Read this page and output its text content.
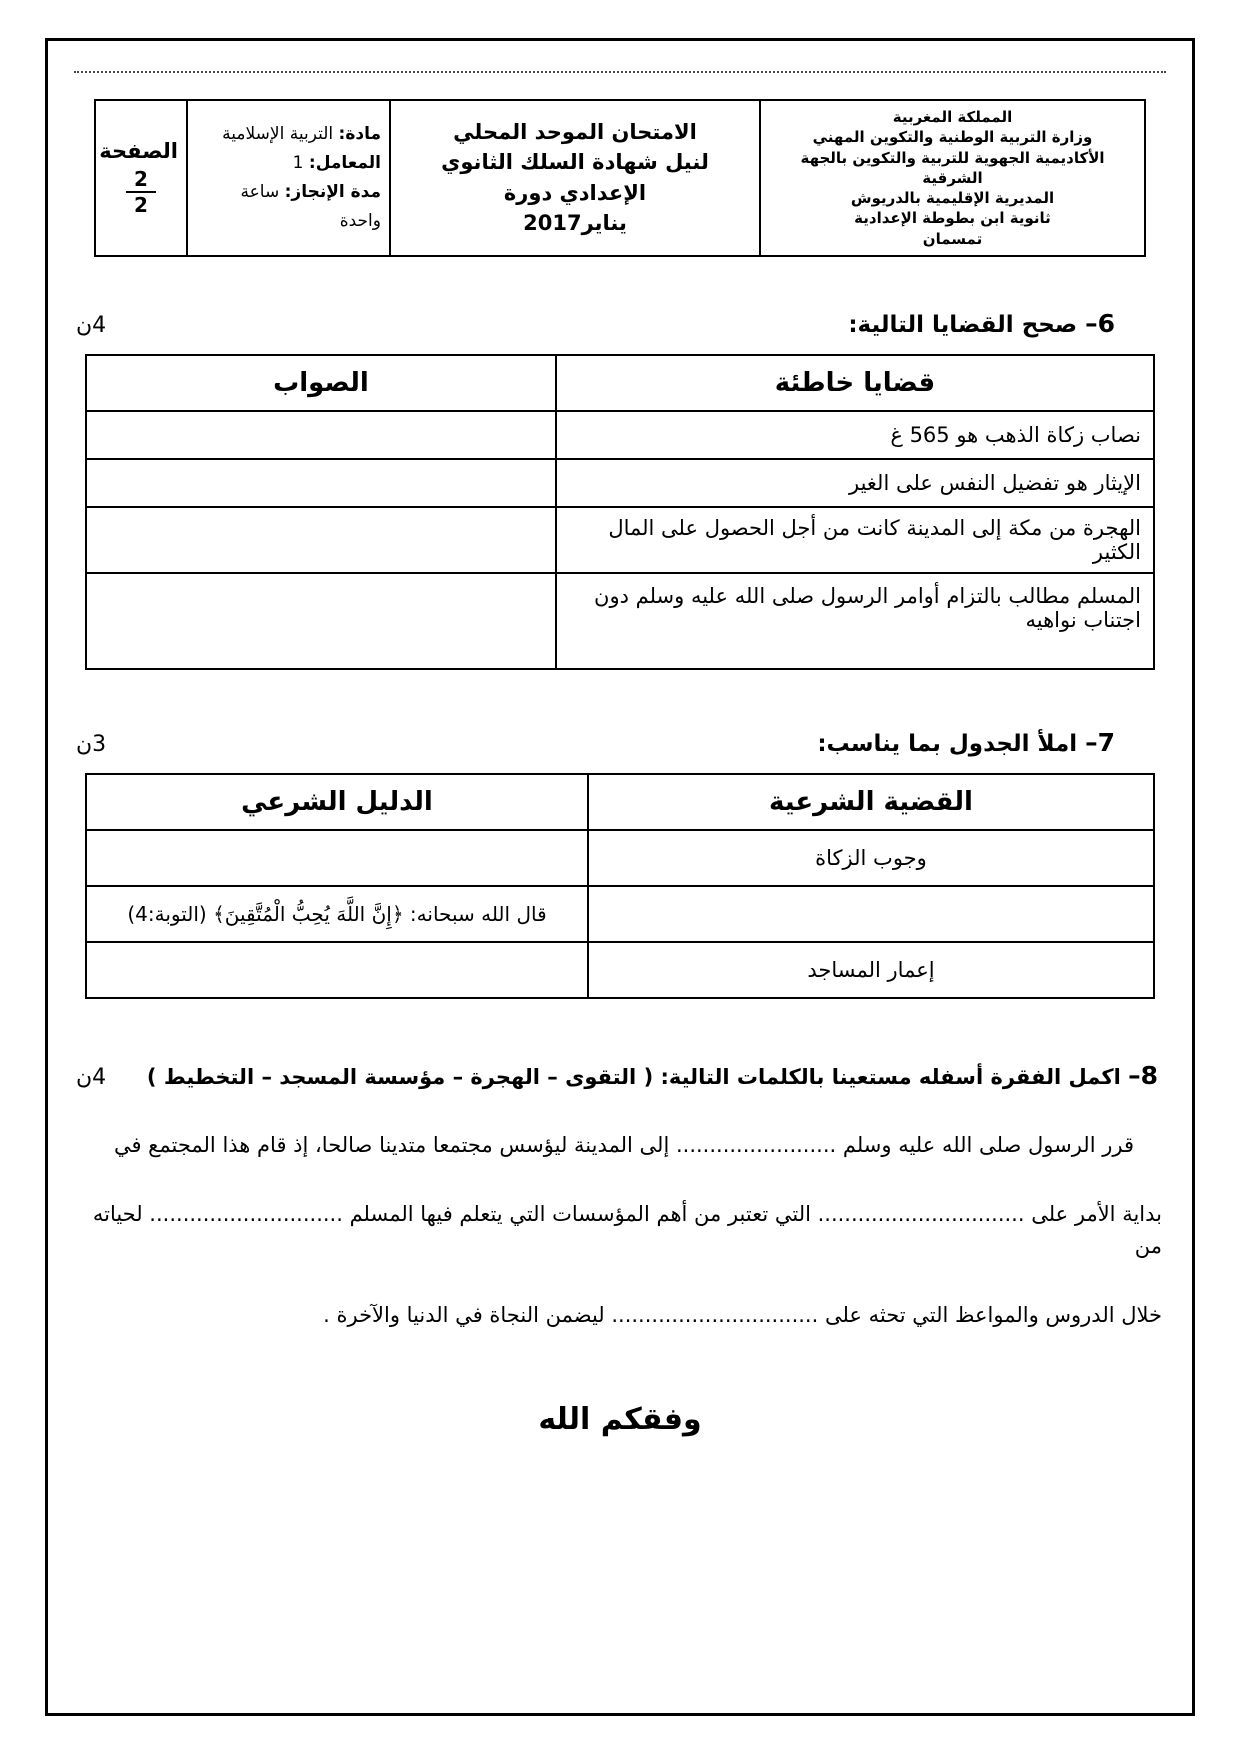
المملكة المغربية
وزارة التربية الوطنية والتكوين المهني
الأكاديمية الجهوية للتربية والتكوين بالجهة الشرقية
المديرية الإقليمية بالدريوش
ثانوية ابن بطوطة الإعدادية
تمسمان

الامتحان الموحد المحلي
لنيل شهادة السلك الثانوي الإعدادي دورة
يناير2017

مادة: التربية الإسلامية
المعامل: 1
مدة الإنجاز: ساعة واحدة

الصفحة
$\frac{2}{2}$
6– صحح القضايا التالية:
4ن
قضايا خاطئة	الصواب
نصاب زكاة الذهب هو 565 غ	
الإيثار هو تفضيل النفس على الغير	
الهجرة من مكة إلى المدينة كانت من أجل الحصول على المال الكثير	
المسلم مطالب بالتزام أوامر الرسول صلى الله عليه وسلم دون اجتناب نواهيه	
7– املأ الجدول بما يناسب:
3ن
القضية الشرعية	الدليل الشرعي
وجوب الزكاة	
	قال الله سبحانه: ﴿إِنَّ اللَّهَ يُحِبُّ الْمُتَّقِينَ﴾ (التوبة:4)
إعمار المساجد	
8– اكمل الفقرة أسفله مستعينا بالكلمات التالية: ( التقوى – الهجرة – مؤسسة المسجد – التخطيط )
4ن
قرر الرسول صلى الله عليه وسلم ........................ إلى المدينة ليؤسس مجتمعا متدينا صالحا، إذ قام هذا المجتمع في
بداية الأمر على ............................... التي تعتبر من أهم المؤسسات التي يتعلم فيها المسلم ............................. لحياته من
خلال الدروس والمواعظ التي تحثه على ............................... ليضمن النجاة في الدنيا والآخرة .
وفقكم الله
